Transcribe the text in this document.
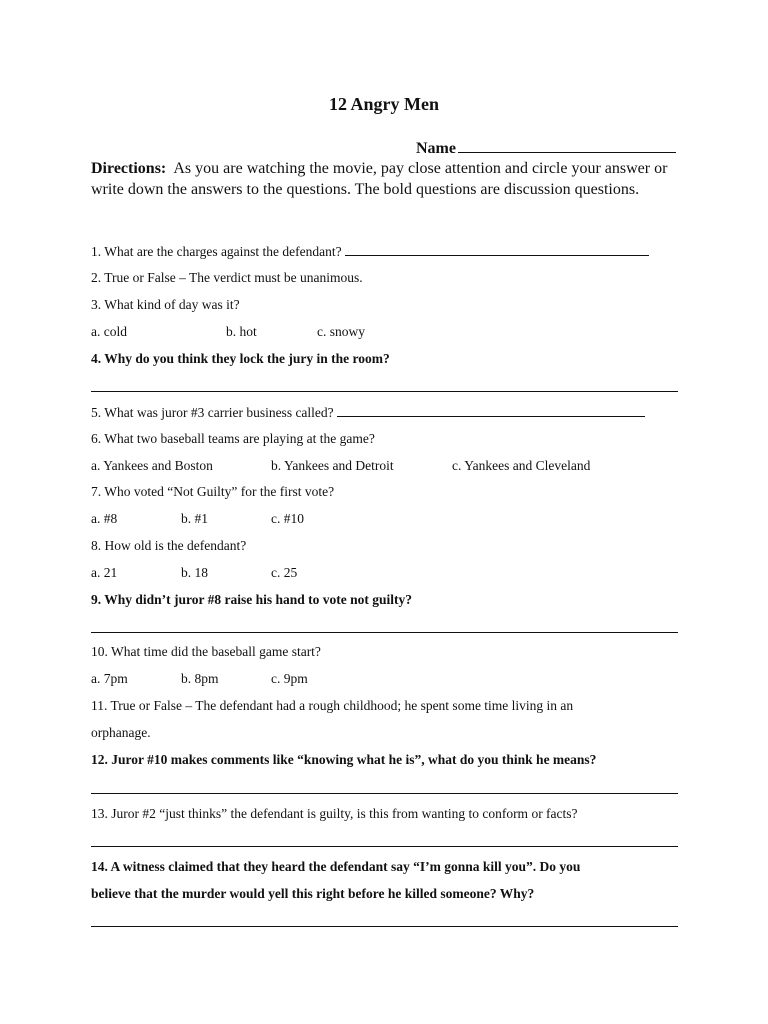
12 Angry Men
Name
Directions: As you are watching the movie, pay close attention and circle your answer or write down the answers to the questions. The bold questions are discussion questions.
1. What are the charges against the defendant?
2. True or False – The verdict must be unanimous.
3. What kind of day was it?
a. cold	b. hot	c. snowy
4. Why do you think they lock the jury in the room?
5. What was juror #3 carrier business called?
6. What two baseball teams are playing at the game?
a. Yankees and Boston	b. Yankees and Detroit	c. Yankees and Cleveland
7. Who voted “Not Guilty” for the first vote?
a. #8	b. #1	c. #10
8. How old is the defendant?
a. 21	b. 18	c. 25
9. Why didn’t juror #8 raise his hand to vote not guilty?
10. What time did the baseball game start?
a. 7pm	b. 8pm	c. 9pm
11. True or False – The defendant had a rough childhood; he spent some time living in an
orphanage.
12. Juror #10 makes comments like “knowing what he is”, what do you think he means?
13. Juror #2 “just thinks” the defendant is guilty, is this from wanting to conform or facts?
14. A witness claimed that they heard the defendant say “I’m gonna kill you”. Do you
believe that the murder would yell this right before he killed someone? Why?
